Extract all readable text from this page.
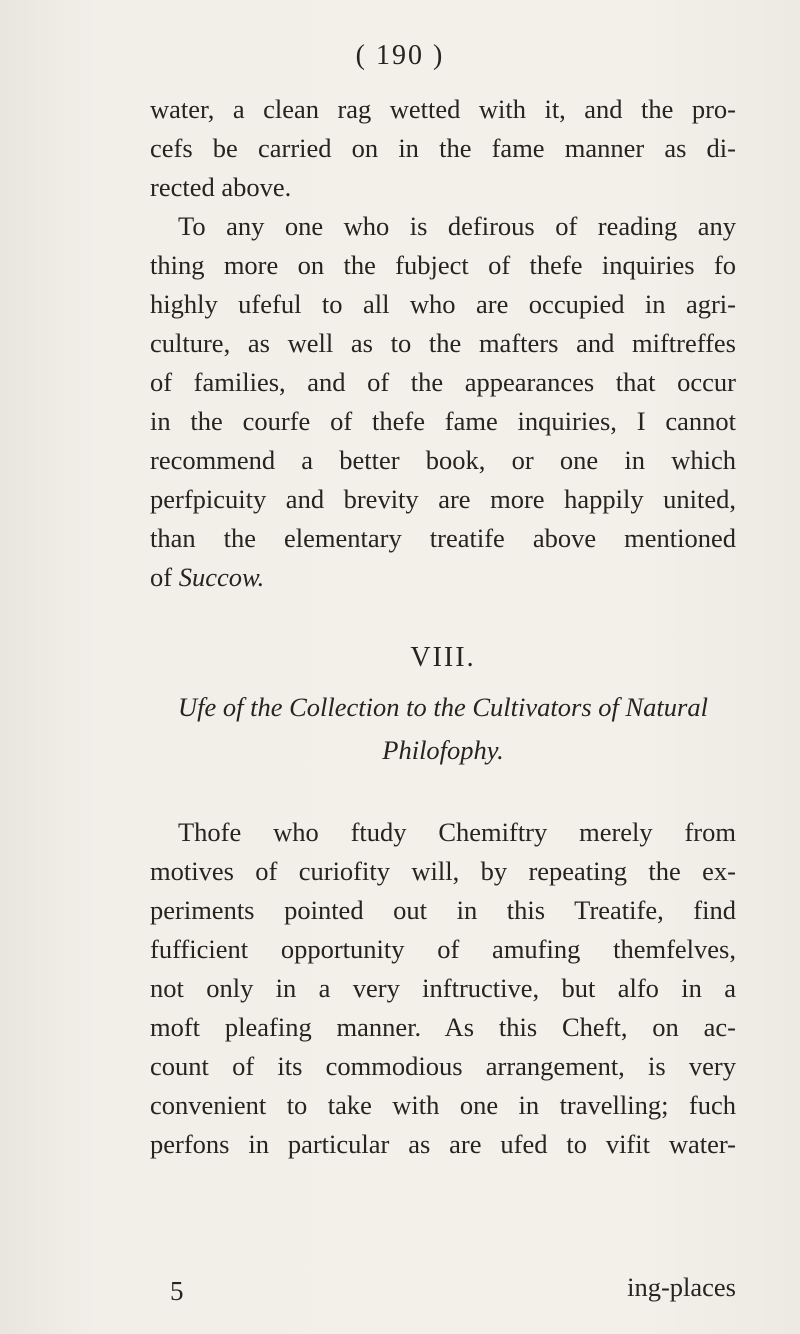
( 190 )
water, a clean rag wetted with it, and the pro-
cefs be carried on in the fame manner as di-
rected above.
To any one who is defirous of reading any
thing more on the fubject of thefe inquiries fo
highly ufeful to all who are occupied in agri-
culture, as well as to the mafters and miftreffes
of families, and of the appearances that occur
in the courfe of thefe fame inquiries, I cannot
recommend a better book, or one in which
perfpicuity and brevity are more happily united,
than the elementary treatife above mentioned
of Succow.
VIII.
Ufe of the Collection to the Cultivators of Natural
Philofophy.
Thofe who ftudy Chemiftry merely from
motives of curiofity will, by repeating the ex-
periments pointed out in this Treatife, find
fufficient opportunity of amufing themfelves,
not only in a very inftructive, but alfo in a
moft pleafing manner. As this Cheft, on ac-
count of its commodious arrangement, is very
convenient to take with one in travelling; fuch
perfons in particular as are ufed to vifit water-
5	ing-places
